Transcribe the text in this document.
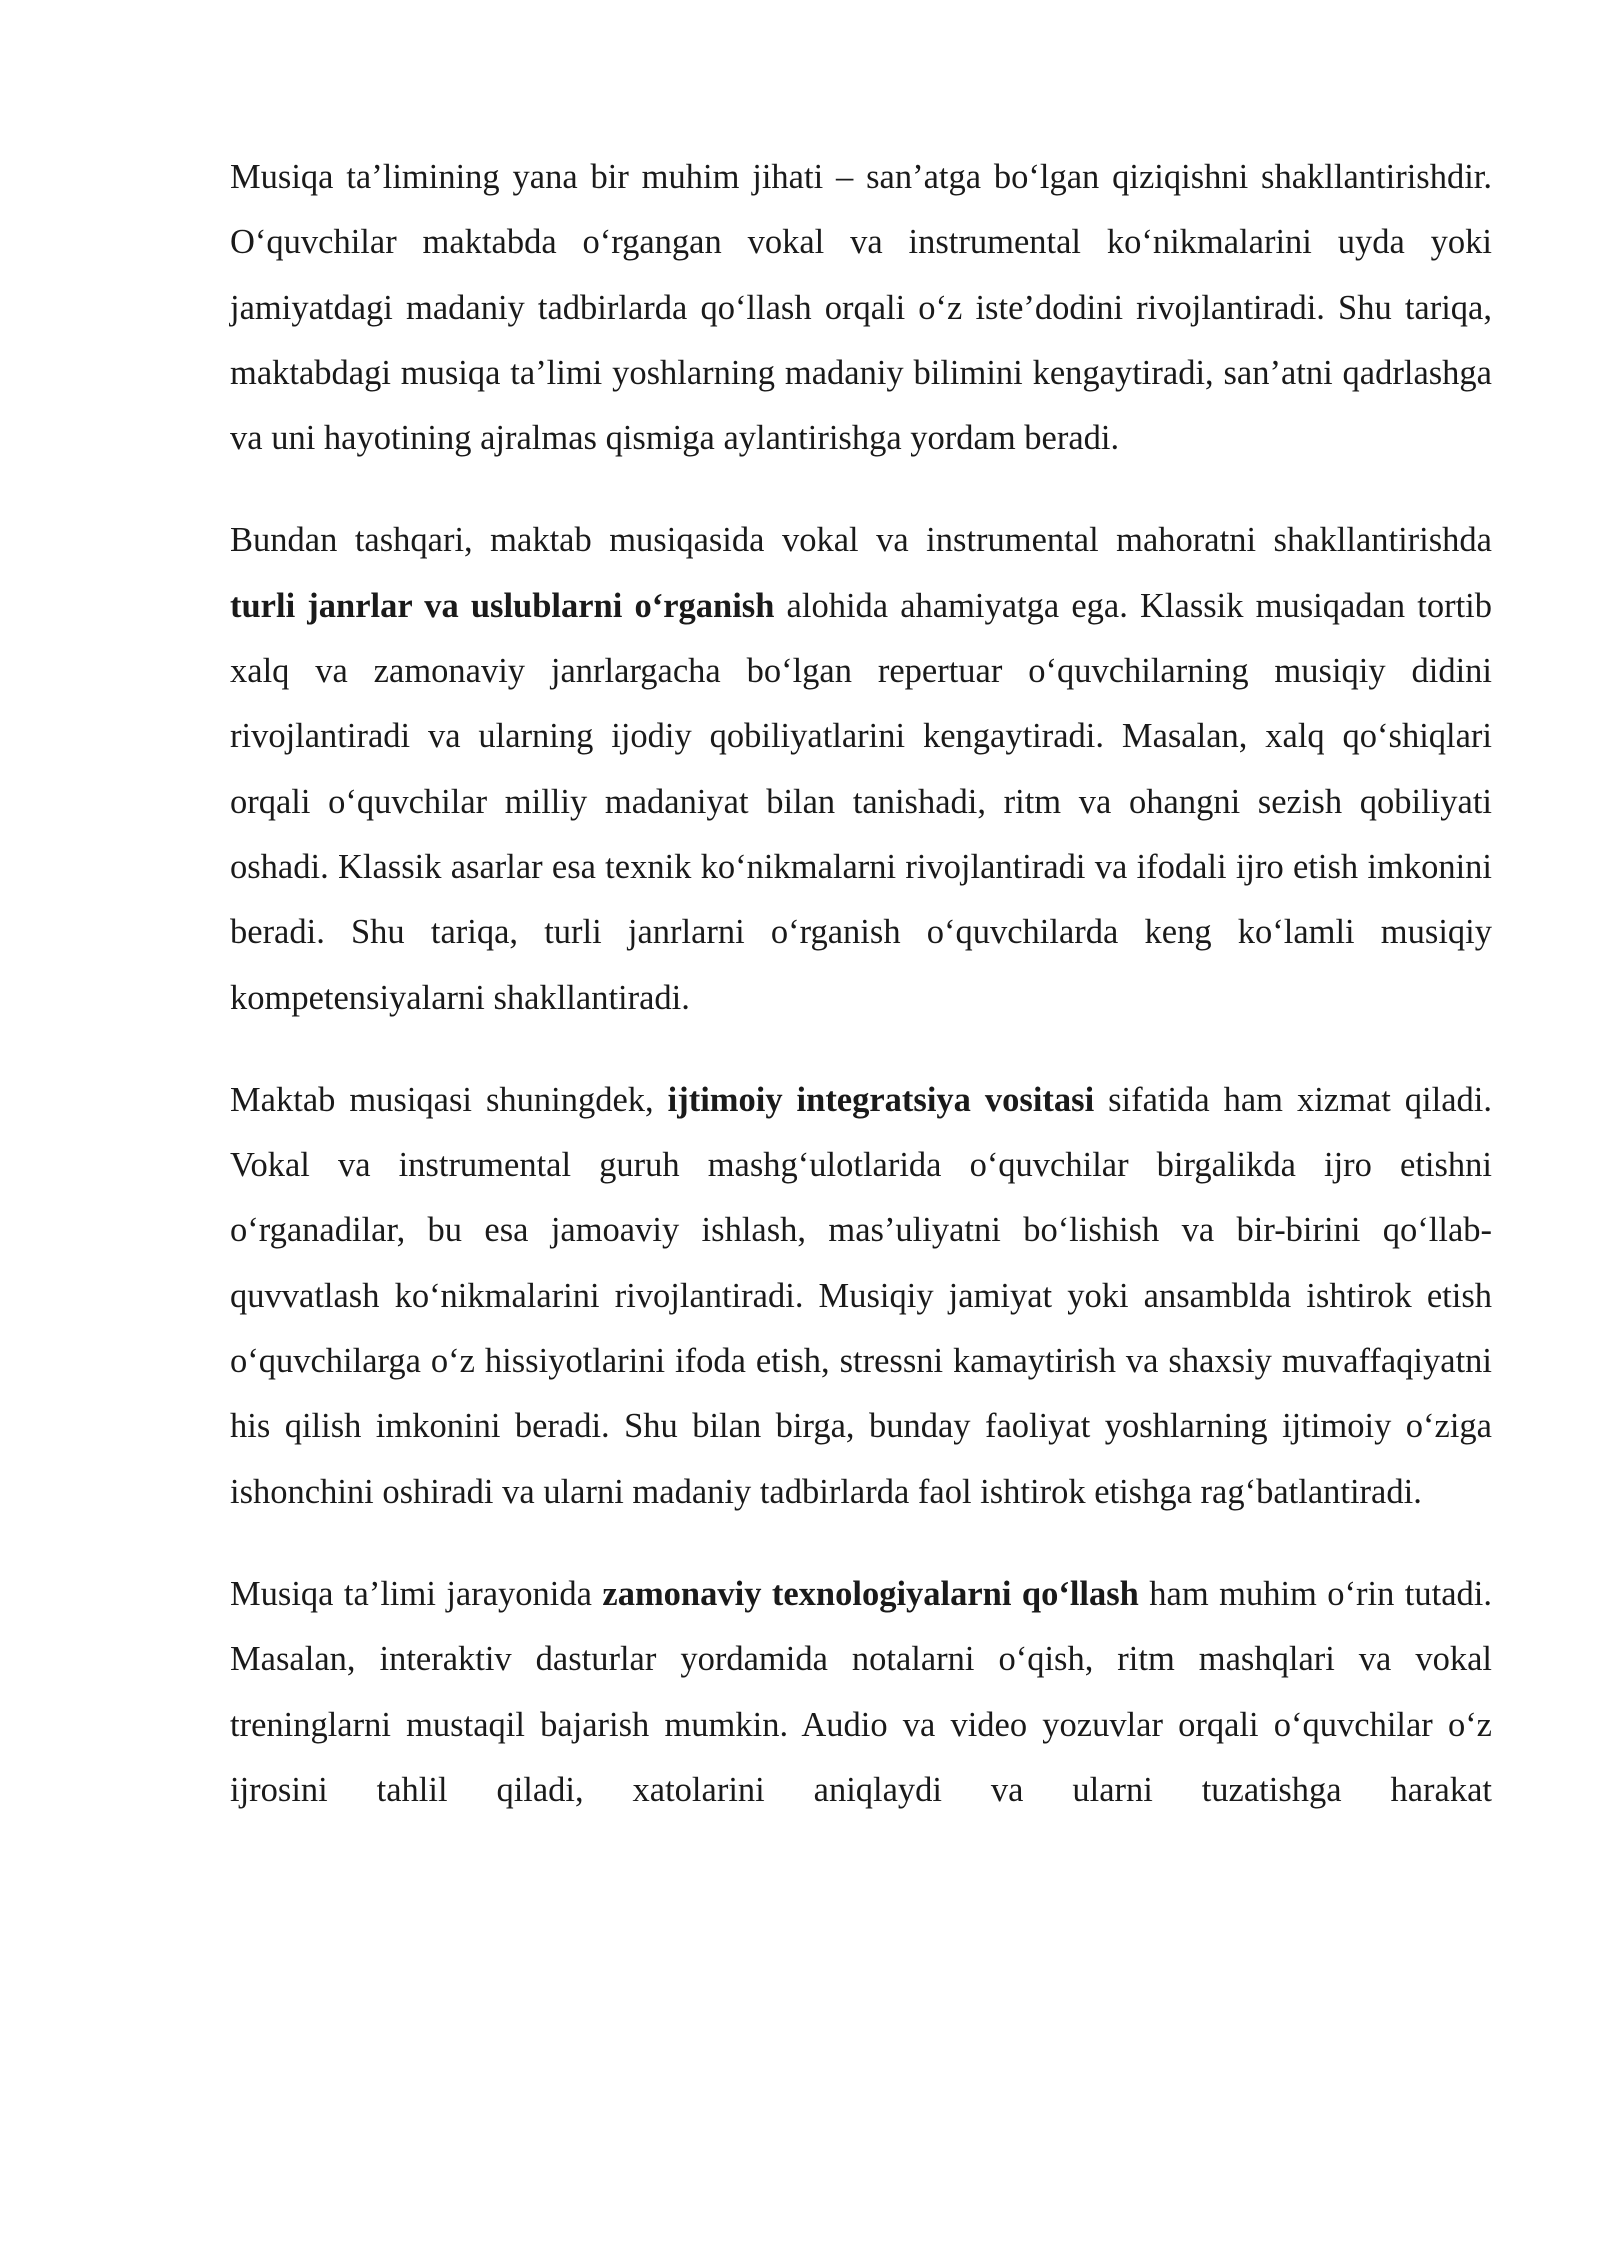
Musiqa ta’limining yana bir muhim jihati – san’atga bo‘lgan qiziqishni shakllantirishdir. O‘quvchilar maktabda o‘rgangan vokal va instrumental ko‘nikmalarini uyda yoki jamiyatdagi madaniy tadbirlarda qo‘llash orqali o‘z iste’dodini rivojlantiradi. Shu tariqa, maktabdagi musiqa ta’limi yoshlarning madaniy bilimini kengaytiradi, san’atni qadrlashga va uni hayotining ajralmas qismiga aylantirishga yordam beradi.

Bundan tashqari, maktab musiqasida vokal va instrumental mahoratni shakllantirishda turli janrlar va uslublarni o‘rganish alohida ahamiyatga ega. Klassik musiqadan tortib xalq va zamonaviy janrlargacha bo‘lgan repertuar o‘quvchilarning musiqiy didini rivojlantiradi va ularning ijodiy qobiliyatlarini kengaytiradi. Masalan, xalq qo‘shiqlari orqali o‘quvchilar milliy madaniyat bilan tanishadi, ritm va ohangni sezish qobiliyati oshadi. Klassik asarlar esa texnik ko‘nikmalarni rivojlantiradi va ifodali ijro etish imkonini beradi. Shu tariqa, turli janrlarni o‘rganish o‘quvchilarda keng ko‘lamli musiqiy kompetensiyalarni shakllantiradi.

Maktab musiqasi shuningdek, ijtimoiy integratsiya vositasi sifatida ham xizmat qiladi. Vokal va instrumental guruh mashg‘ulotlarida o‘quvchilar birgalikda ijro etishni o‘rganadilar, bu esa jamoaviy ishlash, mas’uliyatni bo‘lishish va bir-birini qo‘llab-quvvatlash ko‘nikmalarini rivojlantiradi. Musiqiy jamiyat yoki ansamblda ishtirok etish o‘quvchilarga o‘z hissiyotlarini ifoda etish, stressni kamaytirish va shaxsiy muvaffaqiyatni his qilish imkonini beradi. Shu bilan birga, bunday faoliyat yoshlarning ijtimoiy o‘ziga ishonchini oshiradi va ularni madaniy tadbirlarda faol ishtirok etishga rag‘batlantiradi.

Musiqa ta’limi jarayonida zamonaviy texnologiyalarni qo‘llash ham muhim o‘rin tutadi. Masalan, interaktiv dasturlar yordamida notalarni o‘qish, ritm mashqlari va vokal treninglarni mustaqil bajarish mumkin. Audio va video yozuvlar orqali o‘quvchilar o‘z ijrosini tahlil qiladi, xatolarini aniqlaydi va ularni tuzatishga harakat
